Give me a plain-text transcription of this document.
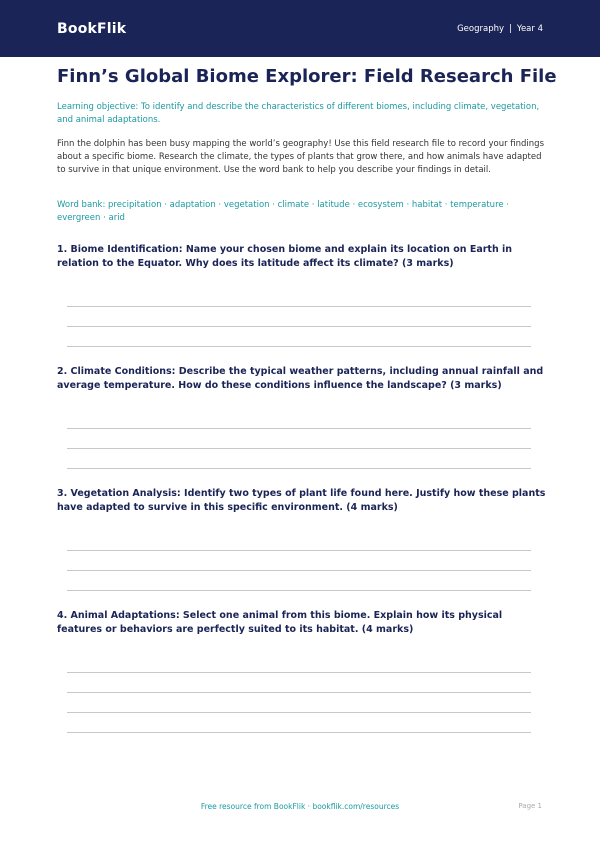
BookFlik	Geography | Year 4
Finn’s Global Biome Explorer: Field Research File

Learning objective: To identify and describe the characteristics of different biomes, including climate, vegetation, and animal adaptations.

Finn the dolphin has been busy mapping the world’s geography! Use this field research file to record your findings about a specific biome. Research the climate, the types of plants that grow there, and how animals have adapted to survive in that unique environment. Use the word bank to help you describe your findings in detail.

Word bank: precipitation · adaptation · vegetation · climate · latitude · ecosystem · habitat · temperature · evergreen · arid

1. Biome Identification: Name your chosen biome and explain its location on Earth in relation to the Equator. Why does its latitude affect its climate? (3 marks)

2. Climate Conditions: Describe the typical weather patterns, including annual rainfall and average temperature. How do these conditions influence the landscape? (3 marks)

3. Vegetation Analysis: Identify two types of plant life found here. Justify how these plants have adapted to survive in this specific environment. (4 marks)

4. Animal Adaptations: Select one animal from this biome. Explain how its physical features or behaviors are perfectly suited to its habitat. (4 marks)

Free resource from BookFlik · bookflik.com/resources	Page 1
